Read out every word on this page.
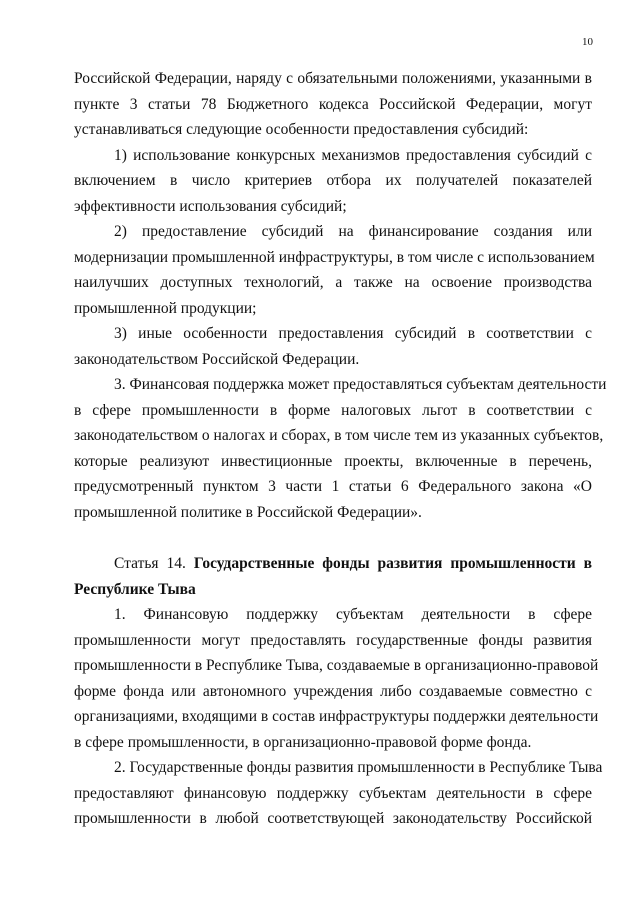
10
Российской Федерации, наряду с обязательными положениями, указанными в
пункте 3 статьи 78 Бюджетного кодекса Российской Федерации, могут
устанавливаться следующие особенности предоставления субсидий:
1) использование конкурсных механизмов предоставления субсидий с
включением в число критериев отбора их получателей показателей
эффективности использования субсидий;
2) предоставление субсидий на финансирование создания или
модернизации промышленной инфраструктуры, в том числе с использованием
наилучших доступных технологий, а также на освоение производства
промышленной продукции;
3) иные особенности предоставления субсидий в соответствии с
законодательством Российской Федерации.
3. Финансовая поддержка может предоставляться субъектам деятельности
в сфере промышленности в форме налоговых льгот в соответствии с
законодательством о налогах и сборах, в том числе тем из указанных субъектов,
которые реализуют инвестиционные проекты, включенные в перечень,
предусмотренный пунктом 3 части 1 статьи 6 Федерального закона «О
промышленной политике в Российской Федерации».
Статья 14. Государственные фонды развития промышленности в
Республике Тыва
1. Финансовую поддержку субъектам деятельности в сфере
промышленности могут предоставлять государственные фонды развития
промышленности в Республике Тыва, создаваемые в организационно-правовой
форме фонда или автономного учреждения либо создаваемые совместно с
организациями, входящими в состав инфраструктуры поддержки деятельности
в сфере промышленности, в организационно-правовой форме фонда.
2. Государственные фонды развития промышленности в Республике Тыва
предоставляют финансовую поддержку субъектам деятельности в сфере
промышленности в любой соответствующей законодательству Российской
